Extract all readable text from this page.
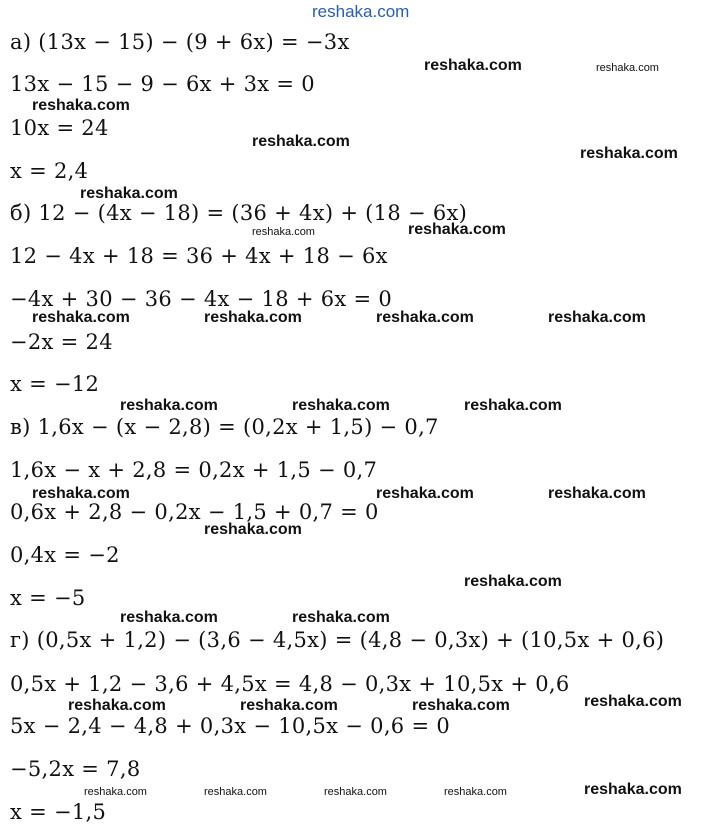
reshaka.com
а) (13x − 15) − (9 + 6x) = −3x
13x − 15 − 9 − 6x + 3x = 0
10x = 24
x = 2,4
б) 12 − (4x − 18) = (36 + 4x) + (18 − 6x)
12 − 4x + 18 = 36 + 4x + 18 − 6x
−4x + 30 − 36 − 4x − 18 + 6x = 0
−2x = 24
x = −12
в) 1,6x − (x − 2,8) = (0,2x + 1,5) − 0,7
1,6x − x + 2,8 = 0,2x + 1,5 − 0,7
0,6x + 2,8 − 0,2x − 1,5 + 0,7 = 0
0,4x = −2
x = −5
г) (0,5x + 1,2) − (3,6 − 4,5x) = (4,8 − 0,3x) + (10,5x + 0,6)
0,5x + 1,2 − 3,6 + 4,5x = 4,8 − 0,3x + 10,5x + 0,6
5x − 2,4 − 4,8 + 0,3x − 10,5x − 0,6 = 0
−5,2x = 7,8
x = −1,5
reshaka.com	reshaka.com
reshaka.com
reshaka.com
reshaka.com
reshaka.com
reshaka.com	reshaka.com
reshaka.com	reshaka.com	reshaka.com	reshaka.com
reshaka.com	reshaka.com	reshaka.com
reshaka.com	reshaka.com	reshaka.com
reshaka.com
reshaka.com
reshaka.com	reshaka.com
reshaka.com
reshaka.com	reshaka.com	reshaka.com
reshaka.com	reshaka.com	reshaka.com	reshaka.com	reshaka.com
